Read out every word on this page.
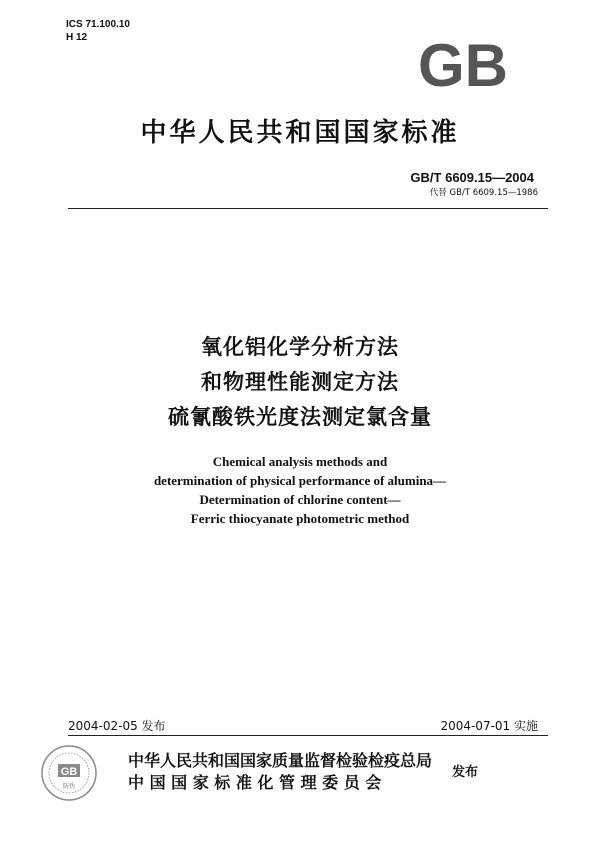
ICS 71.100.10
H 12	GB
中华人民共和国国家标准
GB/T 6609.15—2004
代替 GB/T 6609.15—1986
氧化铝化学分析方法
和物理性能测定方法
硫氰酸铁光度法测定氯含量
Chemical analysis methods and
determination of physical performance of alumina—
Determination of chlorine content—
Ferric thiocyanate photometric method
2004-02-05 发布	2004-07-01 实施
GB
防伪
中华人民共和国国家质量监督检验检疫总局
中 国 国 家 标 准 化 管 理 委 员 会
发布
